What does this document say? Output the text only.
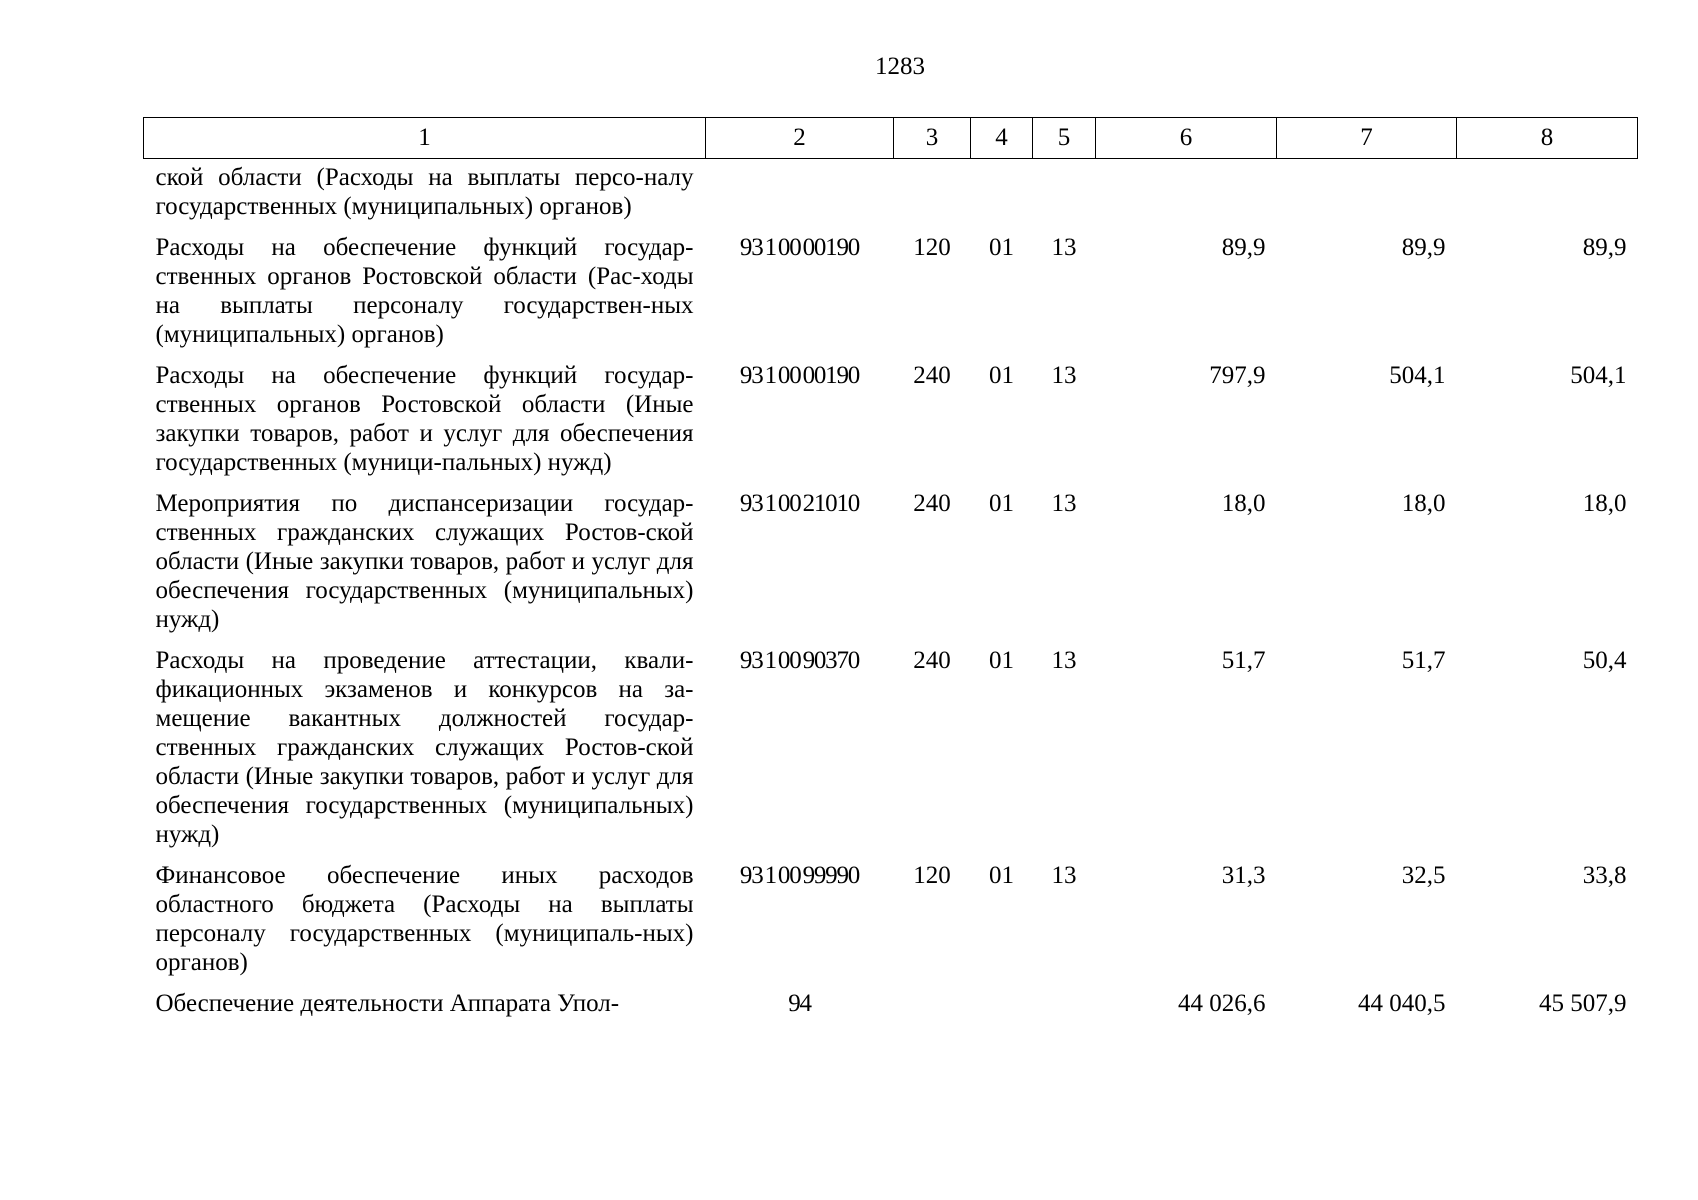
1283
1	2	3	4	5	6	7	8
ской области (Расходы на выплаты персо-налу государственных (муниципальных) органов)							
Расходы на обеспечение функций государ-ственных органов Ростовской области (Рас-ходы на выплаты персоналу государствен-ных (муниципальных) органов)	93 1 00 00190	120	01	13	89,9	89,9	89,9
Расходы на обеспечение функций государ-ственных органов Ростовской области (Иные закупки товаров, работ и услуг для обеспечения государственных (муници-пальных) нужд)	93 1 00 00190	240	01	13	797,9	504,1	504,1
Мероприятия по диспансеризации государ-ственных гражданских служащих Ростов-ской области (Иные закупки товаров, работ и услуг для обеспечения государственных (муниципальных) нужд)	93 1 00 21010	240	01	13	18,0	18,0	18,0
Расходы на проведение аттестации, квали-фикационных экзаменов и конкурсов на за-мещение вакантных должностей государ-ственных гражданских служащих Ростов-ской области (Иные закупки товаров, работ и услуг для обеспечения государственных (муниципальных) нужд)	93 1 00 90370	240	01	13	51,7	51,7	50,4
Финансовое обеспечение иных расходов областного бюджета (Расходы на выплаты персоналу государственных (муниципаль-ных) органов)	93 1 00 99990	120	01	13	31,3	32,5	33,8
Обеспечение деятельности Аппарата Упол-	94				44 026,6	44 040,5	45 507,9
